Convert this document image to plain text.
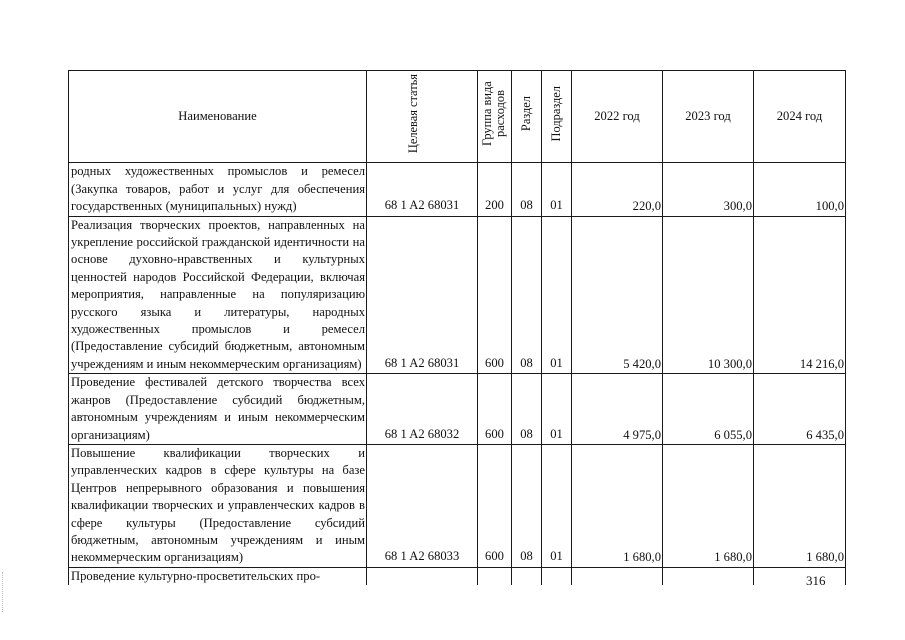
Наименование	Целевая статья	Группа вида расходов	Раздел	Подраздел	2022 год	2023 год	2024 год
родных художественных промыслов и ремесел (Закупка товаров, работ и услуг для обеспечения государственных (муниципальных) нужд)	68 1 A2 68031	200	08	01	220,0	300,0	100,0
Реализация творческих проектов, направленных на укрепление российской гражданской идентичности на основе духовно-нравственных и культурных ценностей народов Российской Федерации, включая мероприятия, направленные на популяризацию русского языка и литературы, народных художественных промыслов и ремесел (Предоставление субсидий бюджетным, автономным учреждениям и иным некоммерческим организациям)	68 1 A2 68031	600	08	01	5 420,0	10 300,0	14 216,0
Проведение фестивалей детского творчества всех жанров (Предоставление субсидий бюджетным, автономным учреждениям и иным некоммерческим организациям)	68 1 A2 68032	600	08	01	4 975,0	6 055,0	6 435,0
Повышение квалификации творческих и управленческих кадров в сфере культуры на базе Центров непрерывного образования и повышения квалификации творческих и управленческих кадров в сфере культуры (Предоставление субсидий бюджетным, автономным учреждениям и иным некоммерческим организациям)	68 1 A2 68033	600	08	01	1 680,0	1 680,0	1 680,0
Проведение культурно-просветительских про-								316
